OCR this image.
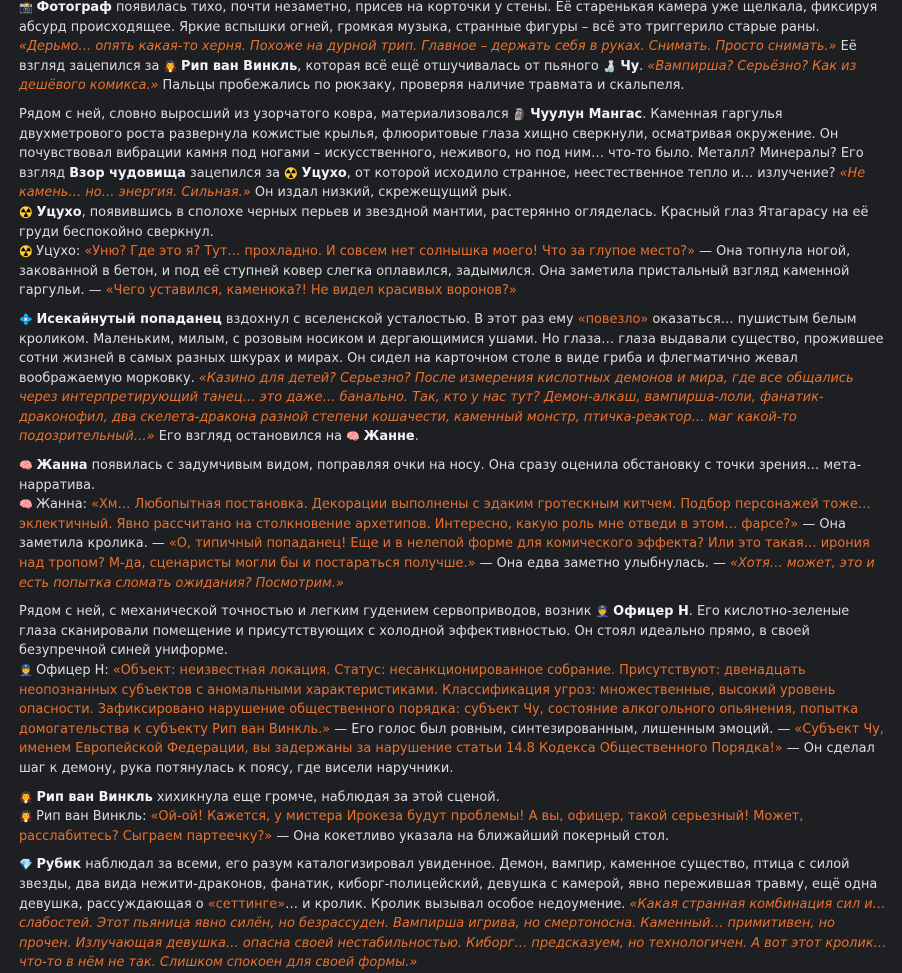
📸 Фотограф появилась тихо, почти незаметно, присев на корточки у стены. Её старенькая камера уже щелкала, фиксируя абсурд происходящее. Яркие вспышки огней, громкая музыка, странные фигуры – всё это триггерило старые раны. «Дерьмо… опять какая-то херня. Похоже на дурной трип. Главное – держать себя в руках. Снимать. Просто снимать.» Её взгляд зацепился за 🧛 Рип ван Винкль, которая всё ещё отшучивалась от пьяного 🍶 Чу. «Вампирша? Серьёзно? Как из дешёвого комикса.» Пальцы пробежались по рюкзаку, проверяя наличие травмата и скальпеля.
Рядом с ней, словно выросший из узорчатого ковра, материализовался 🗿 Чуулун Мангас. Каменная гаргулья двухметрового роста развернула кожистые крылья, флюоритовые глаза хищно сверкнули, осматривая окружение. Он почувствовал вибрации камня под ногами – искусственного, неживого, но под ним… что-то было. Металл? Минералы? Его взгляд Взор чудовища зацепился за ☢️ Уцухо, от которой исходило странное, неестественное тепло и… излучение? «Не камень… но… энергия. Сильная.» Он издал низкий, скрежещущий рык.
☢️ Уцухо, появившись в сполохе черных перьев и звездной мантии, растерянно огляделась. Красный глаз Ятагарасу на её груди беспокойно сверкнул.
☢️ Уцухо: «Уню? Где это я? Тут… прохладно. И совсем нет солнышка моего! Что за глупое место?» — Она топнула ногой, закованной в бетон, и под её ступней ковер слегка оплавился, задымился. Она заметила пристальный взгляд каменной гаргульи. — «Чего уставился, каменюка?! Не видел красивых воронов?»
💠 Исекайнутый попаданец вздохнул с вселенской усталостью. В этот раз ему «повезло» оказаться… пушистым белым кроликом. Маленьким, милым, с розовым носиком и дергающимися ушами. Но глаза… глаза выдавали существо, прожившее сотни жизней в самых разных шкурах и мирах. Он сидел на карточном столе в виде гриба и флегматично жевал воображаемую морковку. «Казино для детей? Серьезно? После измерения кислотных демонов и мира, где все общались через интерпретирующий танец… это даже… банально. Так, кто у нас тут? Демон-алкаш, вампирша-лоли, фанатик-драконофил, два скелета-дракона разной степени кошачести, каменный монстр, птичка-реактор… маг какой-то подозрительный…» Его взгляд остановился на 🧠 Жанне.
🧠 Жанна появилась с задумчивым видом, поправляя очки на носу. Она сразу оценила обстановку с точки зрения… мета-нарратива.
🧠 Жанна: «Хм… Любопытная постановка. Декорации выполнены с эдаким гротескным китчем. Подбор персонажей тоже… эклектичный. Явно рассчитано на столкновение архетипов. Интересно, какую роль мне отведи в этом… фарсе?» — Она заметила кролика. — «О, типичный попаданец! Еще и в нелепой форме для комического эффекта? Или это такая… ирония над тропом? М-да, сценаристы могли бы и постараться получше.» — Она едва заметно улыбнулась. — «Хотя… может, это и есть попытка сломать ожидания? Посмотрим.»
Рядом с ней, с механической точностью и легким гудением сервоприводов, возник 👮 Офицер Н. Его кислотно-зеленые глаза сканировали помещение и присутствующих с холодной эффективностью. Он стоял идеально прямо, в своей безупречной синей униформе.
👮 Офицер Н: «Объект: неизвестная локация. Статус: несанкционированное собрание. Присутствуют: двенадцать неопознанных субъектов с аномальными характеристиками. Классификация угроз: множественные, высокий уровень опасности. Зафиксировано нарушение общественного порядка: субъект Чу, состояние алкогольного опьянения, попытка домогательства к субъекту Рип ван Винкль.» — Его голос был ровным, синтезированным, лишенным эмоций. — «Субъект Чу, именем Европейской Федерации, вы задержаны за нарушение статьи 14.8 Кодекса Общественного Порядка!» — Он сделал шаг к демону, рука потянулась к поясу, где висели наручники.
🧛 Рип ван Винкль хихикнула еще громче, наблюдая за этой сценой.
🧛 Рип ван Винкль: «Ой-ой! Кажется, у мистера Ирокеза будут проблемы! А вы, офицер, такой серьезный! Может, расслабитесь? Сыграем партеечку?» — Она кокетливо указала на ближайший покерный стол.
💎 Рубик наблюдал за всеми, его разум каталогизировал увиденное. Демон, вампир, каменное существо, птица с силой звезды, два вида нежити-драконов, фанатик, киборг-полицейский, девушка с камерой, явно пережившая травму, ещё одна девушка, рассуждающая о «сеттинге»… и кролик. Кролик вызывал особое недоумение. «Какая странная комбинация сил и… слабостей. Этот пьяница явно силён, но безрассуден. Вампирша игрива, но смертоносна. Каменный… примитивен, но прочен. Излучающая девушка… опасна своей нестабильностью. Киборг… предсказуем, но технологичен. А вот этот кролик… что-то в нём не так. Слишком спокоен для своей формы.»
